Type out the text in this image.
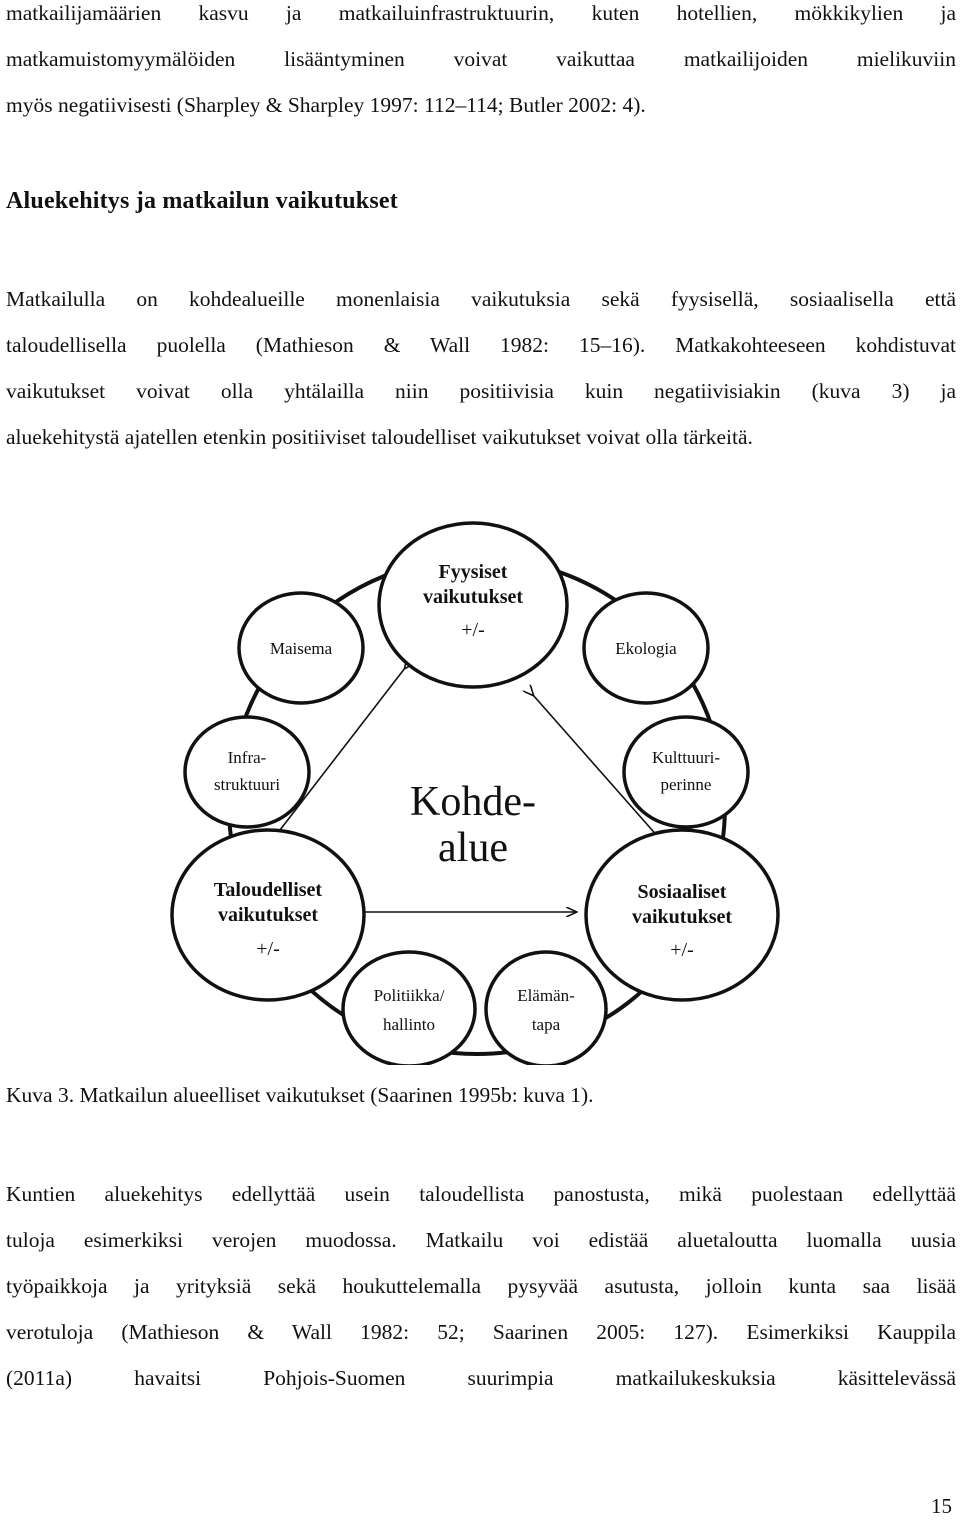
matkailijamäärien kasvu ja matkailuinfrastruktuurin, kuten hotellien, mökkikylien ja
matkamuistomyymälöiden lisääntyminen voivat vaikuttaa matkailijoiden mielikuviin
myös negatiivisesti (Sharpley & Sharpley 1997: 112–114; Butler 2002: 4).
Aluekehitys ja matkailun vaikutukset
Matkailulla on kohdealueille monenlaisia vaikutuksia sekä fyysisellä, sosiaalisella että
taloudellisella puolella (Mathieson & Wall 1982: 15–16). Matkakohteeseen kohdistuvat
vaikutukset voivat olla yhtälailla niin positiivisia kuin negatiivisiakin (kuva 3) ja
aluekehitystä ajatellen etenkin positiiviset taloudelliset vaikutukset voivat olla tärkeitä.
Fyysiset
vaikutukset
+/-
Maisema	Ekologia
Infra-
struktuuri
Kulttuuri-
perinne
Taloudelliset
vaikutukset
+/-
Sosiaaliset
vaikutukset
+/-
Politiikka/
hallinto
Elämän-
tapa
Kohde-
alue
Kuva 3. Matkailun alueelliset vaikutukset (Saarinen 1995b: kuva 1).
Kuntien aluekehitys edellyttää usein taloudellista panostusta, mikä puolestaan edellyttää
tuloja esimerkiksi verojen muodossa. Matkailu voi edistää aluetaloutta luomalla uusia
työpaikkoja ja yrityksiä sekä houkuttelemalla pysyvää asutusta, jolloin kunta saa lisää
verotuloja (Mathieson & Wall 1982: 52; Saarinen 2005: 127). Esimerkiksi Kauppila
(2011a) havaitsi Pohjois-Suomen suurimpia matkailukeskuksia käsittelevässä
15
